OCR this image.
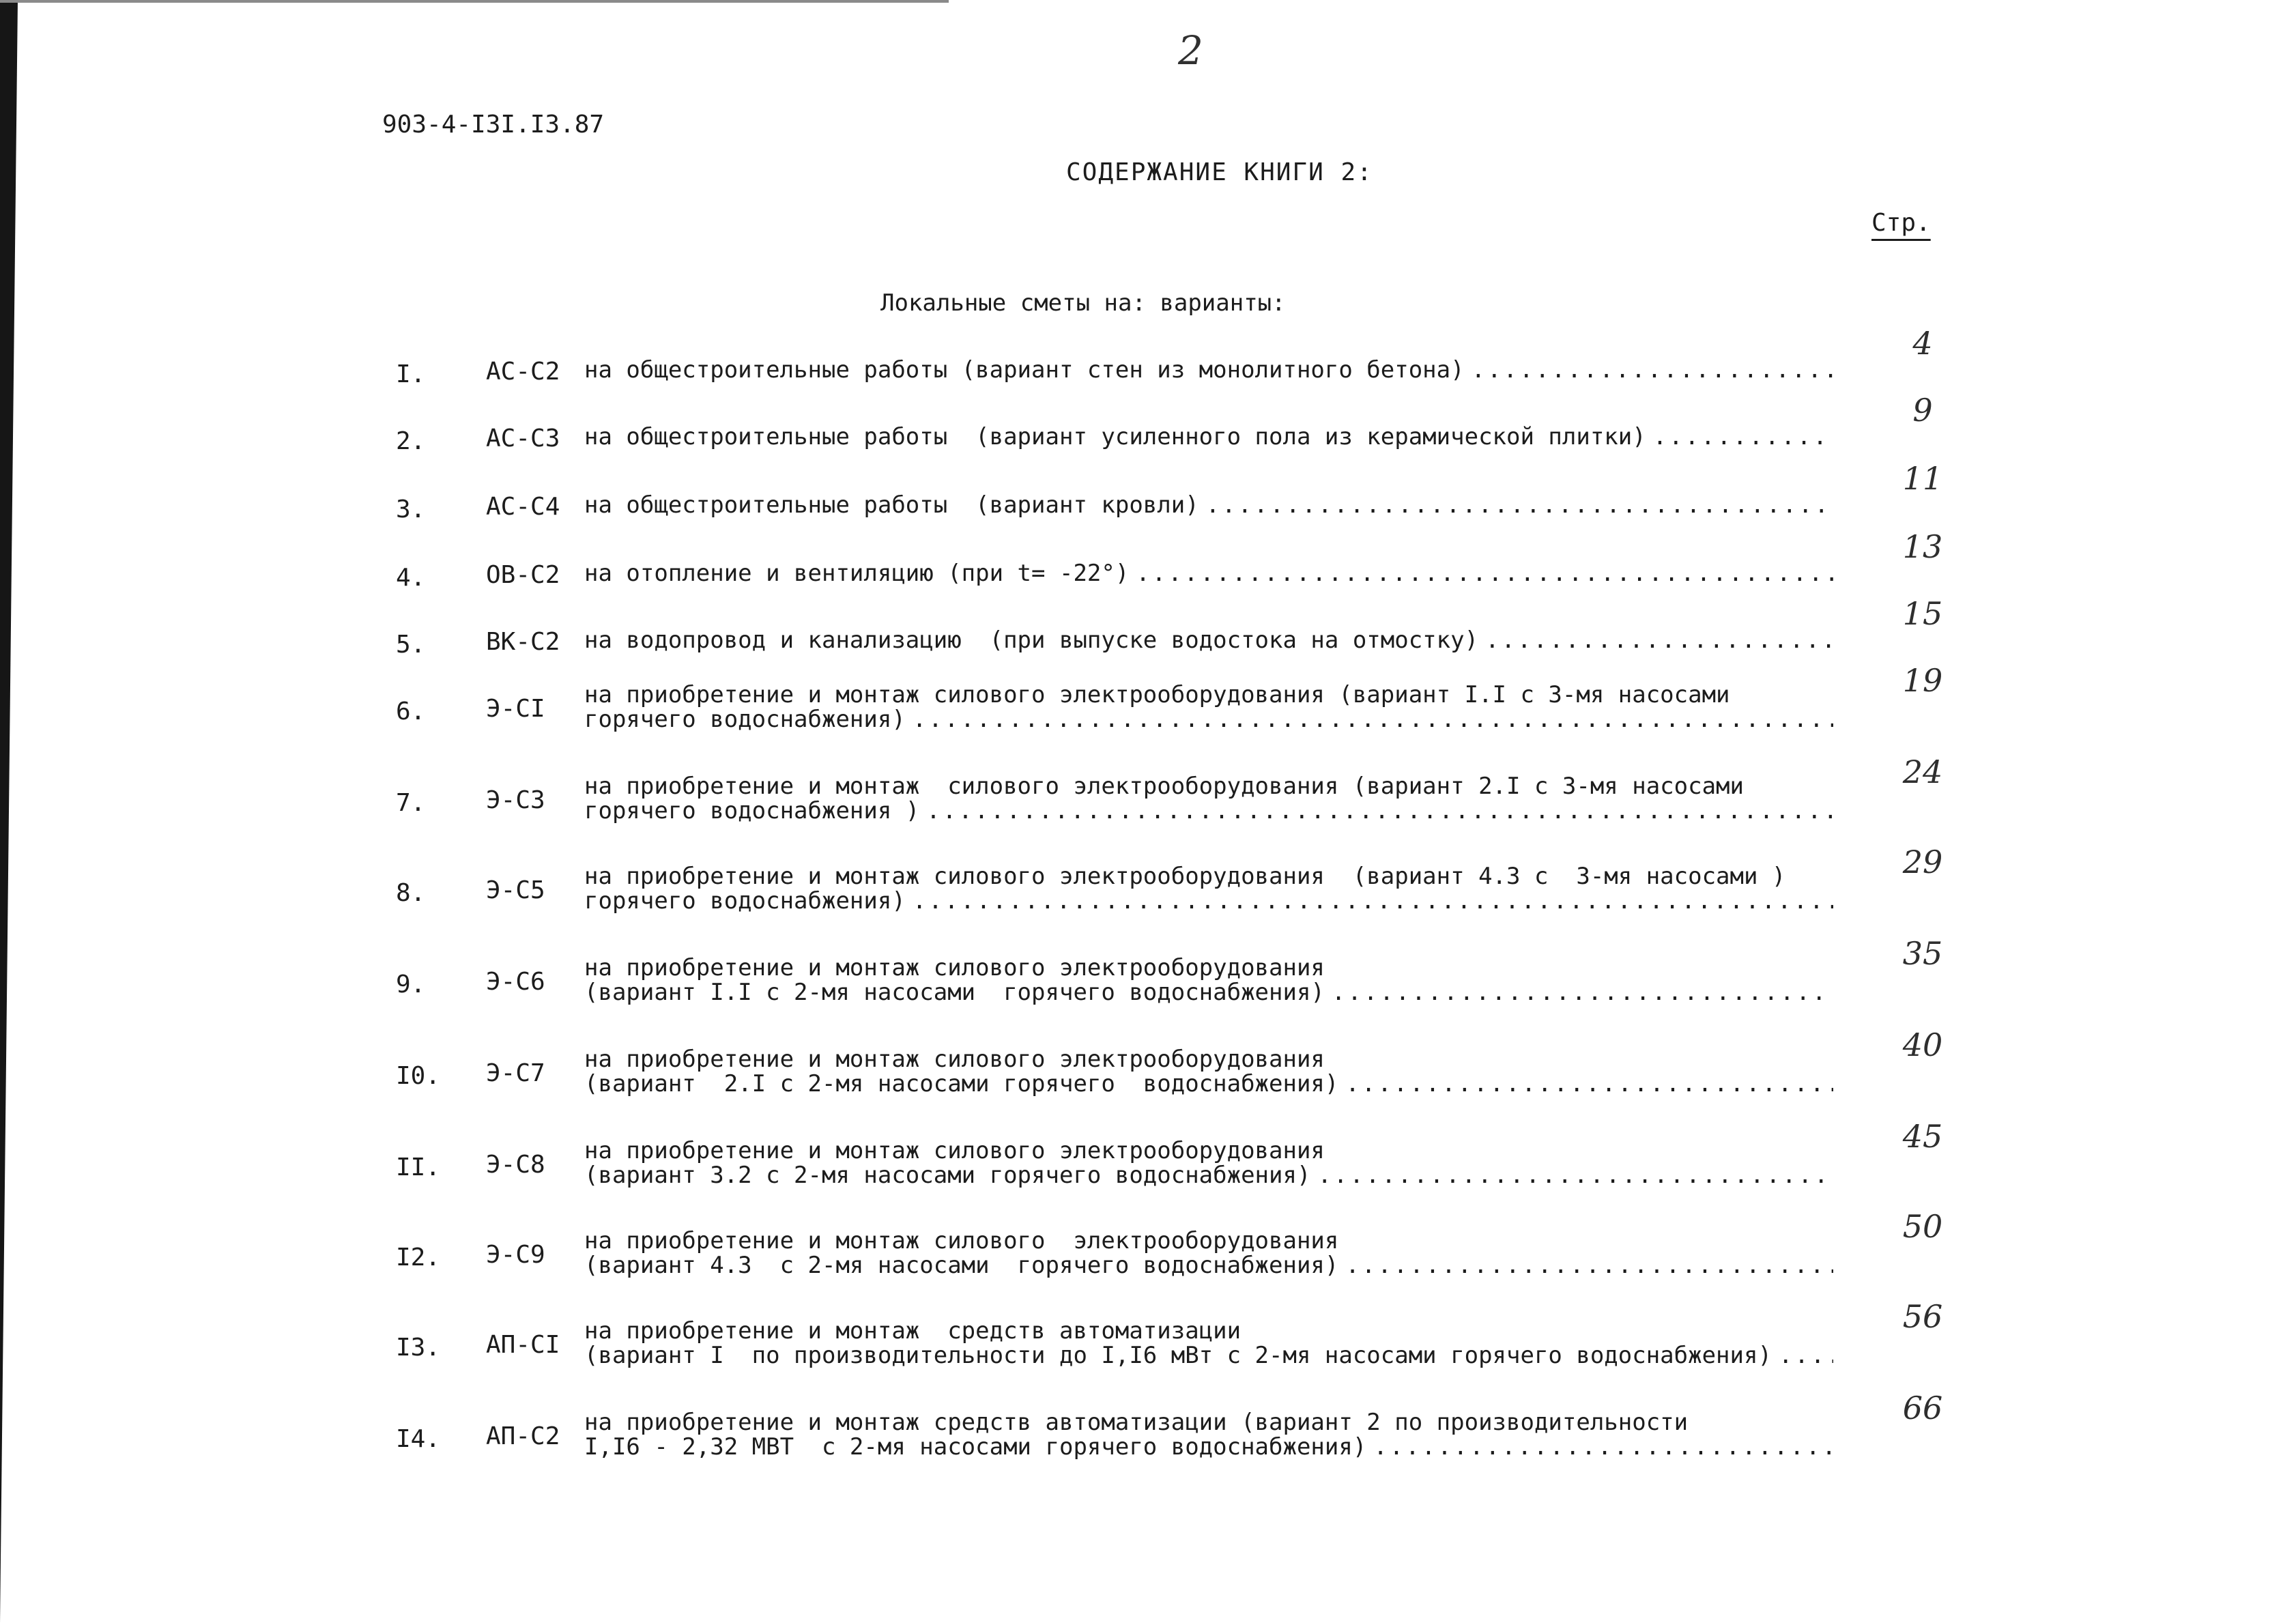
2
903-4-I3I.I3.87
СОДЕРЖАНИЕ КНИГИ 2:
Стр.
Локальные сметы на: варианты:
I. АС-С2 на общестроительные работы (вариант стен из монолитного бетона)
.....
4
2. АС-С3 на общестроительные работы  (вариант усиленного пола из керамической плитки)
.....
9
3. АС-С4 на общестроительные работы  (вариант кровли)
.....
11
4. ОВ-С2 на отопление и вентиляцию (при t= -22°)
.....
13
5. ВК-С2 на водопровод и канализацию  (при выпуске водостока на отмостку)
.....
15
6. Э-СI на приобретение и монтаж силового электрооборудования (вариант I.I с 3-мя насосами
горячего водоснабжения)
.....
19
7. Э-С3 на приобретение и монтаж  силового электрооборудования (вариант 2.I с 3-мя насосами
горячего водоснабжения )
.....
24
8. Э-С5 на приобретение и монтаж силового электрооборудования  (вариант 4.3 с  3-мя насосами )
горячего водоснабжения)
.....
29
9. Э-С6 на приобретение и монтаж силового электрооборудования
(вариант I.I с 2-мя насосами  горячего водоснабжения)
.....
35
I0. Э-С7 на приобретение и монтаж силового электрооборудования
(вариант  2.I с 2-мя насосами горячего  водоснабжения)
.....
40
II. Э-С8 на приобретение и монтаж силового электрооборудования
(вариант 3.2 с 2-мя насосами горячего водоснабжения)
.....
45
I2. Э-С9 на приобретение и монтаж силового  электрооборудования
(вариант 4.3  с 2-мя насосами  горячего водоснабжения)
.....
50
I3. АП-СI на приобретение и монтаж  средств автоматизации
(вариант I  по производительности до I,I6 мВт с 2-мя насосами горячего водоснабжения)
.....
56
I4. АП-С2 на приобретение и монтаж средств автоматизации (вариант 2 по производительности
I,I6 - 2,32 МВТ  с 2-мя насосами горячего водоснабжения)
.....
66
